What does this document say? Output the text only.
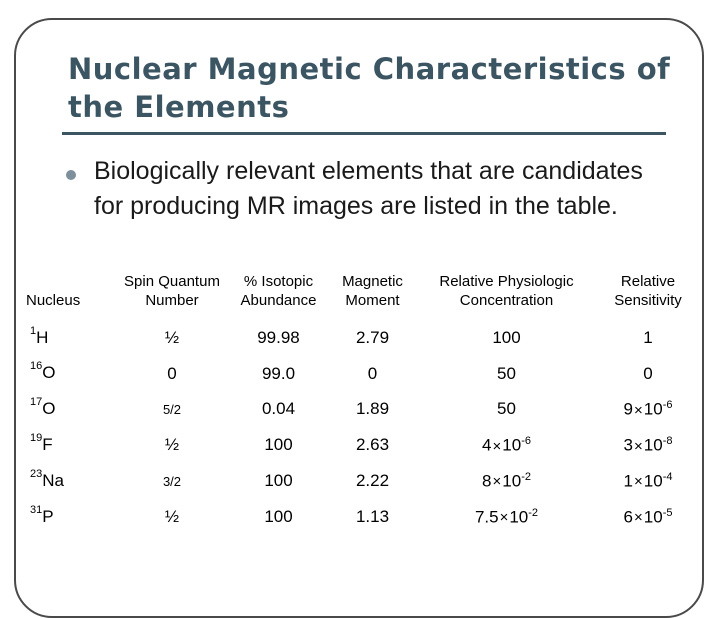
Nuclear Magnetic Characteristics of the Elements
Biologically relevant elements that are candidates for producing MR images are listed in the table.
Nucleus	Spin Quantum Number	% Isotopic Abundance	Magnetic Moment	Relative Physiologic Concentration	Relative Sensitivity
$^1$H	½	99.98	2.79	100	1
$^{16}$O	0	99.0	0	50	0
$^{17}$O	5/2	0.04	1.89	50	$9\times 10^{-6}$
$^{19}$F	½	100	2.63	$4\times 10^{-6}$	$3\times 10^{-8}$
$^{23}$Na	3/2	100	2.22	$8\times 10^{-2}$	$1\times 10^{-4}$
$^{31}$P	½	100	1.13	$7.5\times 10^{-2}$	$6\times 10^{-5}$
